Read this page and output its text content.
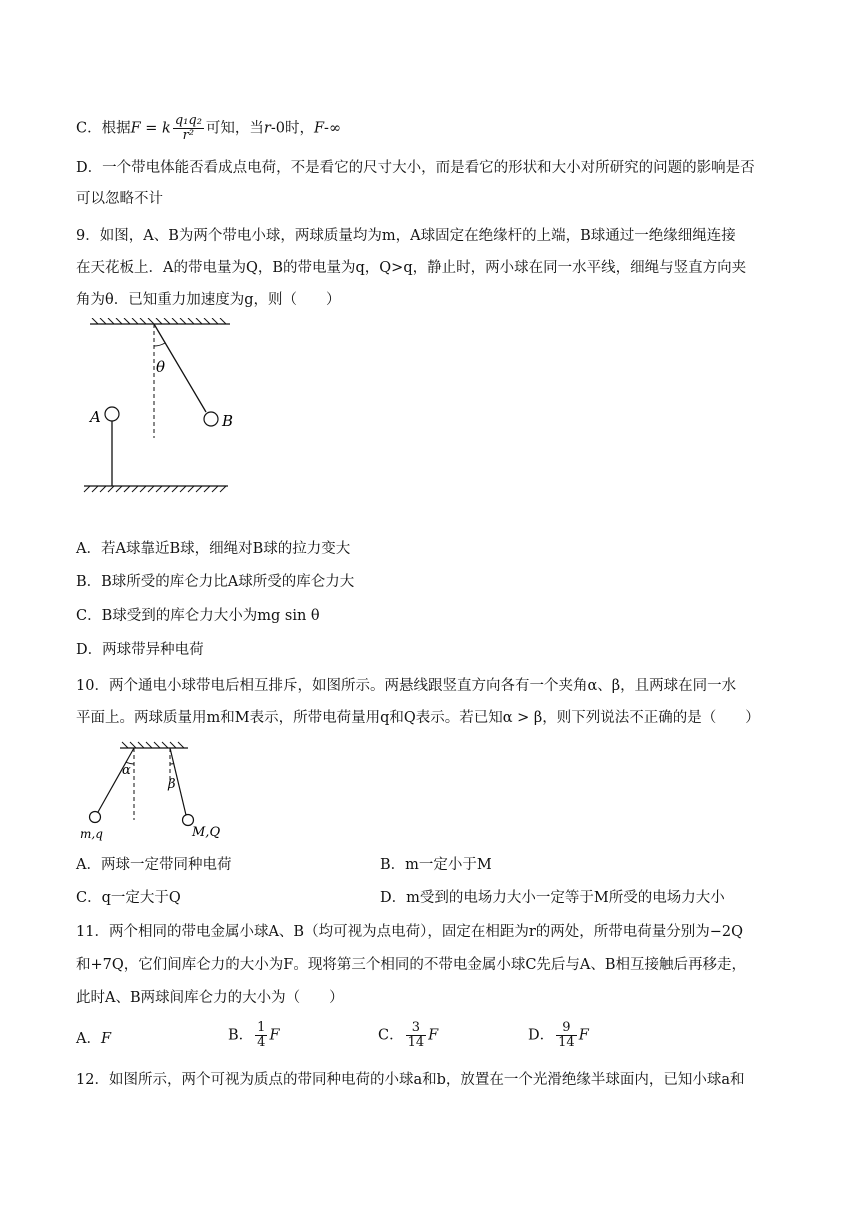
C．根据F = k $\frac{\text{q₁q₂}}{\text{r²}}$ 可知，当r-0时，F-∞
D．一个带电体能否看成点电荷，不是看它的尺寸大小，而是看它的形状和大小对所研究的问题的影响是否
可以忽略不计
9．如图，A、B为两个带电小球，两球质量均为m，A球固定在绝缘杆的上端，B球通过一绝缘细绳连接
在天花板上．A的带电量为Q，B的带电量为q，Q>q，静止时，两小球在同一水平线，细绳与竖直方向夹
角为θ．已知重力加速度为g，则（　　）
θ
B
A
A．若A球靠近B球，细绳对B球的拉力变大
B．B球所受的库仑力比A球所受的库仑力大
C．B球受到的库仑力大小为mg sin θ
D．两球带异种电荷
10．两个通电小球带电后相互排斥，如图所示。两悬线跟竖直方向各有一个夹角α、β，且两球在同一水
平面上。两球质量用m和M表示，所带电荷量用q和Q表示。若已知α > β，则下列说法不正确的是（　　）
α
β
m,q	M,Q
A．两球一定带同种电荷	B．m一定小于M
C．q一定大于Q	D．m受到的电场力大小一定等于M所受的电场力大小
11．两个相同的带电金属小球A、B（均可视为点电荷），固定在相距为r的两处，所带电荷量分别为−2Q
和+7Q，它们间库仑力的大小为F。现将第三个相同的不带电金属小球C先后与A、B相互接触后再移走，
此时A、B两球间库仑力的大小为（　　）
A．F	B． $\frac{1}{4}$ F	C． $\frac{3}{14}$ F	D． $\frac{9}{14}$ F
12．如图所示，两个可视为质点的带同种电荷的小球a和b，放置在一个光滑绝缘半球面内，已知小球a和
